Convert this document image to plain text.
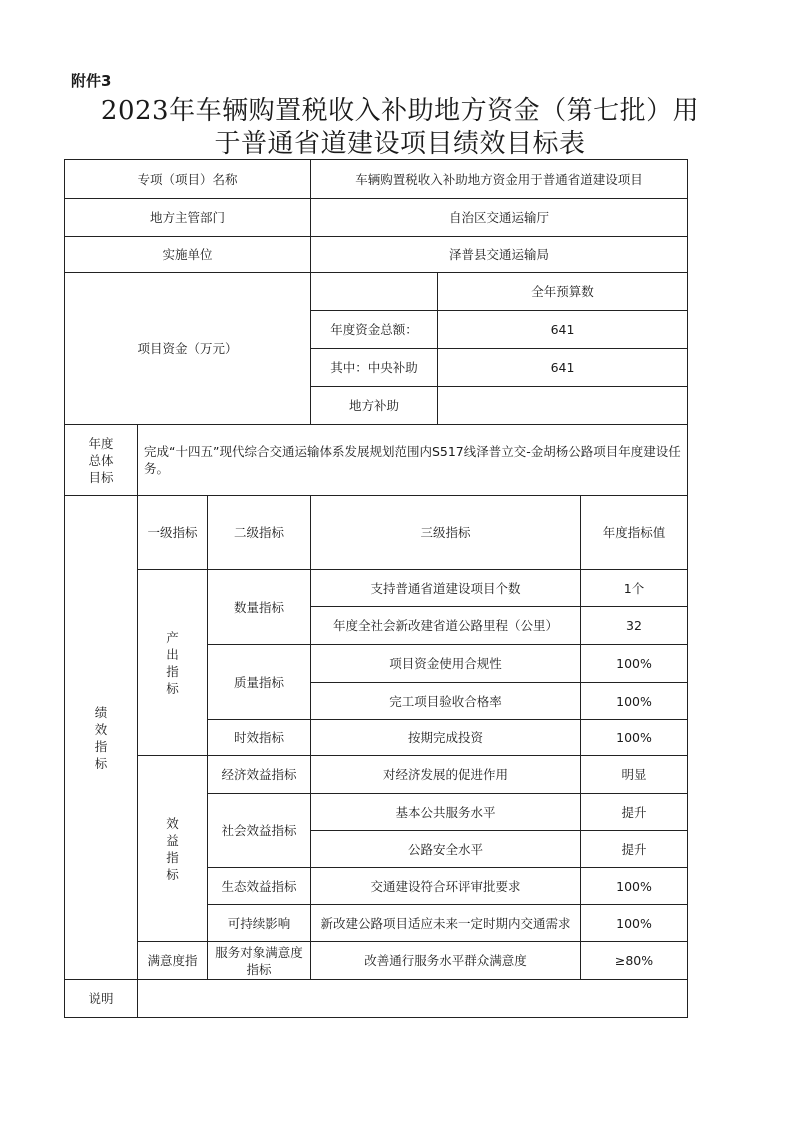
附件3
2023年车辆购置税收入补助地方资金（第七批）用
于普通省道建设项目绩效目标表
专项（项目）名称			车辆购置税收入补助地方资金用于普通省道建设项目		
地方主管部门			自治区交通运输厅		
实施单位			泽普县交通运输局		
项目资金（万元）				全年预算数	
			年度资金总额：	641	
			其中：中央补助	641	
			地方补助		

年度
总体
目标	完成“十四五”现代综合交通运输体系发展规划范围内S517线泽普立交-金胡杨公路项目年度建设任务。				

绩
效
指
标	一级指标	二级指标	三级指标		年度指标值

	产
出
指
标	数量指标	支持普通省道建设项目个数		1个
			年度全社会新改建省道公路里程（公里）		32
		质量指标	项目资金使用合规性		100%
			完工项目验收合格率		100%
		时效指标	按期完成投资		100%

	效
益
指
标	经济效益指标	对经济发展的促进作用		明显
		社会效益指标	基本公共服务水平		提升
			公路安全水平		提升
		生态效益指标	交通建设符合环评审批要求		100%
		可持续影响	新改建公路项目适应未来一定时期内交通需求		100%
	满意度指	服务对象满意度指标	改善通行服务水平群众满意度		≥80%
说明					
